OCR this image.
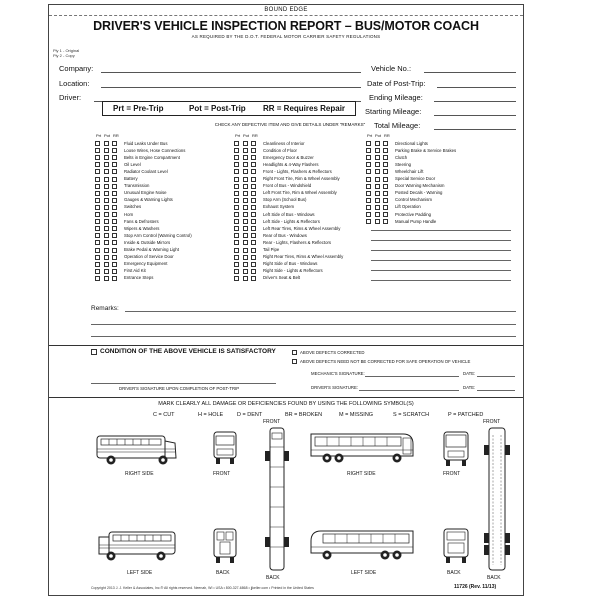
BOUND EDGE
DRIVER'S VEHICLE INSPECTION REPORT – BUS/MOTOR COACH
AS REQUIRED BY THE D.O.T. FEDERAL MOTOR CARRIER SAFETY REGULATIONS
Ply 1 - Original
Ply 2 - Copy
Company:
Location:
Driver:
Vehicle No.:
Date of Post-Trip:
Ending Mileage:
Starting Mileage:
Total Mileage:
Prt = Pre-Trip	Pot = Post-Trip RR = Requires Repair
CHECK ANY DEFECTIVE ITEM AND GIVE DETAILS UNDER "REMARKS"
Prt Pot RR	Prt Pot RR	Prt Pot RR
Fluid Leaks Under Bus
Loose Wires, Hose Connections
Belts in Engine Compartment
Oil Level
Radiator Coolant Level
Battery
Transmission
Unusual Engine Noise
Gauges & Warning Lights
Switches
Horn
Fans & Defrosters
Wipers & Washers
Stop Arm Control (Warning Control)
Inside & Outside Mirrors
Brake Pedal & Warning Light
Operation of Service Door
Emergency Equipment
First Aid Kit
Entrance Steps
Cleanliness of Interior
Condition of Floor
Emergency Door & Buzzer
Headlights & 4-Way Flashers
Front - Lights, Flashers & Reflectors
Right Front Tire, Rim & Wheel Assembly
Front of Bus - Windshield
Left Front Tire, Rim & Wheel Assembly
Stop Arm (School Bus)
Exhaust System
Left Side of Bus - Windows
Left Side - Lights & Reflectors
Left Rear Tires, Rims & Wheel Assembly
Rear of Bus - Windows
Rear - Lights, Flashers & Reflectors
Tail Pipe
Right Rear Tires, Rims & Wheel Assembly
Right Side of Bus - Windows
Right Side - Lights & Reflectors
Driver's Seat & Belt
Directional Lights
Parking Brake & Service Brakes
Clutch
Steering
Wheelchair Lift
Special Service Door
Door Warning Mechanism
Posted Decals - Warning
Control Mechanism
Lift Operation
Protective Padding
Manual Pump Handle
Remarks:
CONDITION OF THE ABOVE VEHICLE IS SATISFACTORY	ABOVE DEFECTS CORRECTED
ABOVE DEFECTS NEED NOT BE CORRECTED FOR SAFE OPERATION OF VEHICLE
MECHANIC'S SIGNATURE:	DATE:
DRIVER'S SIGNATURE UPON COMPLETION OF POST-TRIP	DRIVER'S SIGNATURE:	DATE:
MARK CLEARLY ALL DAMAGE OR DEFICIENCIES FOUND BY USING THE FOLLOWING SYMBOL(S)
C = CUT	H = HOLE	D = DENT	BR = BROKEN	M = MISSING	S = SCRATCH	P = PATCHED
RIGHT SIDE	FRONT
FRONT
BACK
RIGHT SIDE	FRONT
FRONT
BACK
LEFT SIDE	BACK	LEFT SIDE	BACK
Copyright 2013 J. J. Keller & Associates, Inc.® All rights reserved. Neenah, WI • USA • 800-327-6868 • jjkeller.com • Printed in the United States	11726 (Rev. 11/13)
